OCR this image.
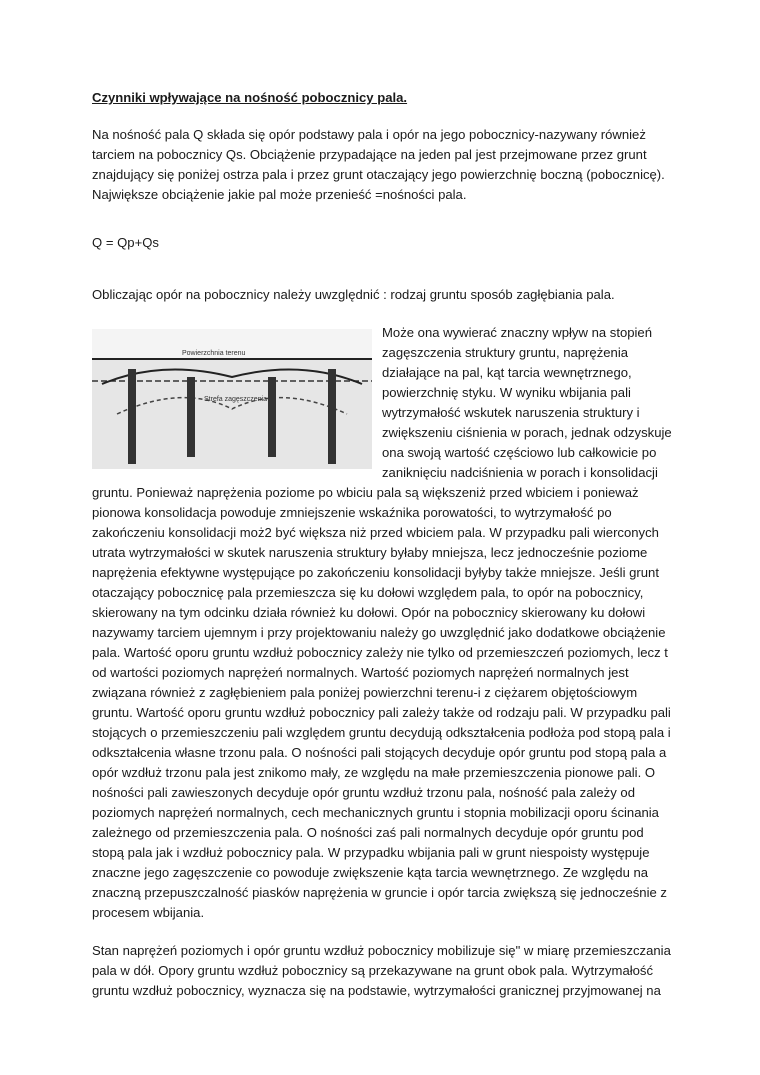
Czynniki wpływające na nośność pobocznicy pala.
Na nośność pala Q składa się opór podstawy pala i opór na jego pobocznicy-nazywany również tarciem na pobocznicy Qs. Obciążenie przypadające na jeden pal jest przejmowane przez grunt znajdujący się poniżej ostrza pala i przez grunt otaczający jego powierzchnię boczną (pobocznicę). Największe obciążenie jakie pal może przenieść =nośności pala.
Q = Qp+Qs
Obliczając opór na pobocznicy należy uwzględnić : rodzaj gruntu sposób zagłębiania pala.
Powierzchnia terenu
Strefa zagęszczenia
Może ona wywierać znaczny wpływ na stopień zagęszczenia struktury gruntu, naprężenia działające na pal, kąt tarcia wewnętrznego, powierzchnię styku. W wyniku wbijania pali wytrzymałość wskutek naruszenia struktury i zwiększeniu ciśnienia w porach, jednak odzyskuje ona swoją wartość częściowo lub całkowicie po zaniknięciu nadciśnienia w porach i konsolidacji gruntu. Ponieważ naprężenia poziome po wbiciu pala są większeniż przed wbiciem i ponieważ pionowa konsolidacja powoduje zmniejszenie wskaźnika porowatości, to wytrzymałość po zakończeniu konsolidacji moż2 być większa niż przed wbiciem pala. W przypadku pali wierconych utrata wytrzymałości w skutek naruszenia struktury byłaby mniejsza, lecz jednocześnie poziome naprężenia efektywne występujące po zakończeniu konsolidacji byłyby także mniejsze. Jeśli grunt otaczający pobocznicę pala przemieszcza się ku dołowi względem pala, to opór na pobocznicy, skierowany na tym odcinku działa również ku dołowi. Opór na pobocznicy skierowany ku dołowi nazywamy tarciem ujemnym i przy projektowaniu należy go uwzględnić jako dodatkowe obciążenie pala. Wartość oporu gruntu wzdłuż pobocznicy zależy nie tylko od przemieszczeń poziomych, lecz t od wartości poziomych naprężeń normalnych. Wartość poziomych naprężeń normalnych jest związana również z zagłębieniem pala poniżej powierzchni terenu-i z ciężarem objętościowym gruntu. Wartość oporu gruntu wzdłuż pobocznicy pali zależy także od rodzaju pali. W przypadku pali stojących o przemieszczeniu pali względem gruntu decydują odkształcenia podłoża pod stopą pala i odkształcenia własne trzonu pala. O nośności pali stojących decyduje opór gruntu pod stopą pala a opór wzdłuż trzonu pala jest znikomo mały, ze względu na małe przemieszczenia pionowe pali. O nośności pali zawieszonych decyduje opór gruntu wzdłuż trzonu pala, nośność pala zależy od poziomych naprężeń normalnych, cech mechanicznych gruntu i stopnia mobilizacji oporu ścinania zależnego od przemieszczenia pala. O nośności zaś pali normalnych decyduje opór gruntu pod stopą pala jak i wzdłuż pobocznicy pala. W przypadku wbijania pali w grunt niespoisty występuje znaczne jego zagęszczenie co powoduje zwiększenie kąta tarcia wewnętrznego. Ze względu na znaczną przepuszczalność piasków naprężenia w gruncie i opór tarcia zwiększą się jednocześnie z procesem wbijania.
Stan naprężeń poziomych i opór gruntu wzdłuż pobocznicy mobilizuje się" w miarę przemieszczania pala w dół. Opory gruntu wzdłuż pobocznicy są przekazywane na grunt obok pala. Wytrzymałość gruntu wzdłuż pobocznicy, wyznacza się na podstawie, wytrzymałości granicznej przyjmowanej na
